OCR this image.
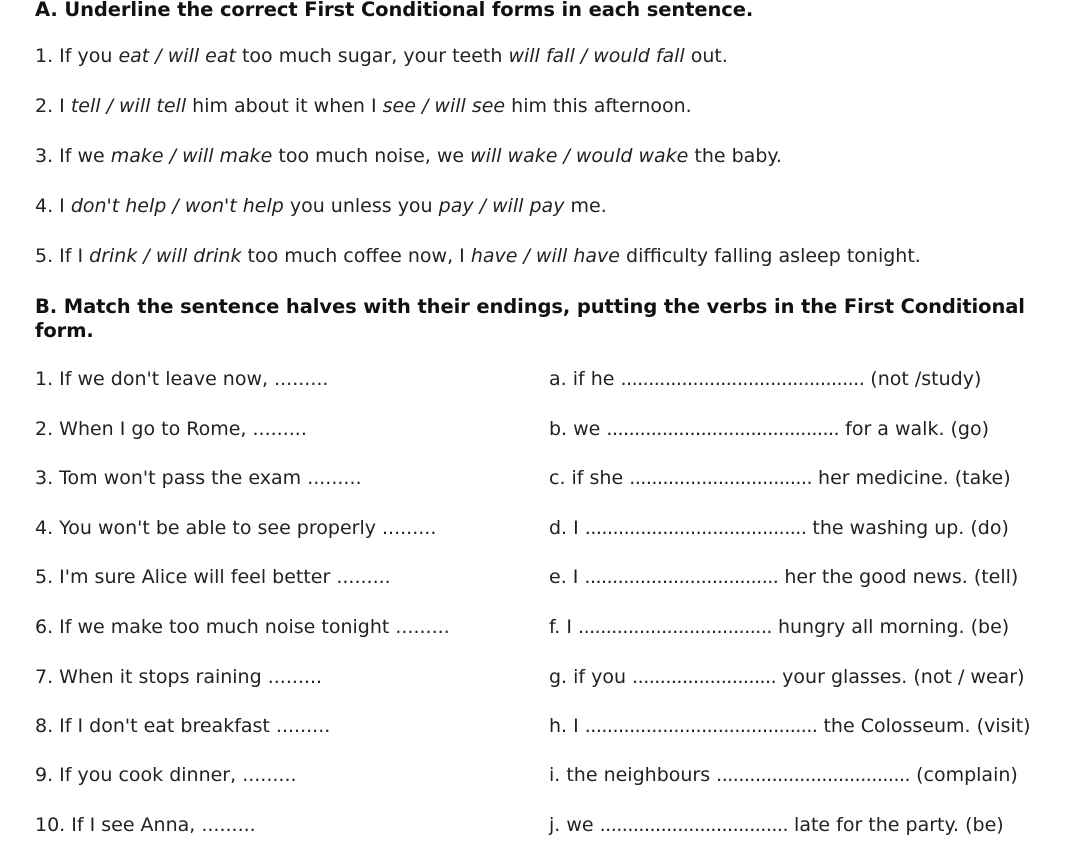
A. Underline the correct First Conditional forms in each sentence.
1. If you eat / will eat too much sugar, your teeth will fall / would fall out.
2. I tell / will tell him about it when I see / will see him this afternoon.
3. If we make / will make too much noise, we will wake / would wake the baby.
4. I don't help / won't help you unless you pay / will pay me.
5. If I drink / will drink too much coffee now, I have / will have difficulty falling asleep tonight.
B. Match the sentence halves with their endings, putting the verbs in the First Conditional
form.
1. If we don't leave now, .........
2. When I go to Rome, .........
3. Tom won't pass the exam .........
4. You won't be able to see properly .........
5. I'm sure Alice will feel better .........
6. If we make too much noise tonight .........
7. When it stops raining .........
8. If I don't eat breakfast .........
9. If you cook dinner, .........
10. If I see Anna, .........
a. if he ............................................ (not /study)
b. we .......................................... for a walk. (go)
c. if she ................................. her medicine. (take)
d. I ........................................ the washing up. (do)
e. I ................................... her the good news. (tell)
f. I ................................... hungry all morning. (be)
g. if you .......................... your glasses. (not / wear)
h. I .......................................... the Colosseum. (visit)
i. the neighbours ................................... (complain)
j. we .................................. late for the party. (be)
